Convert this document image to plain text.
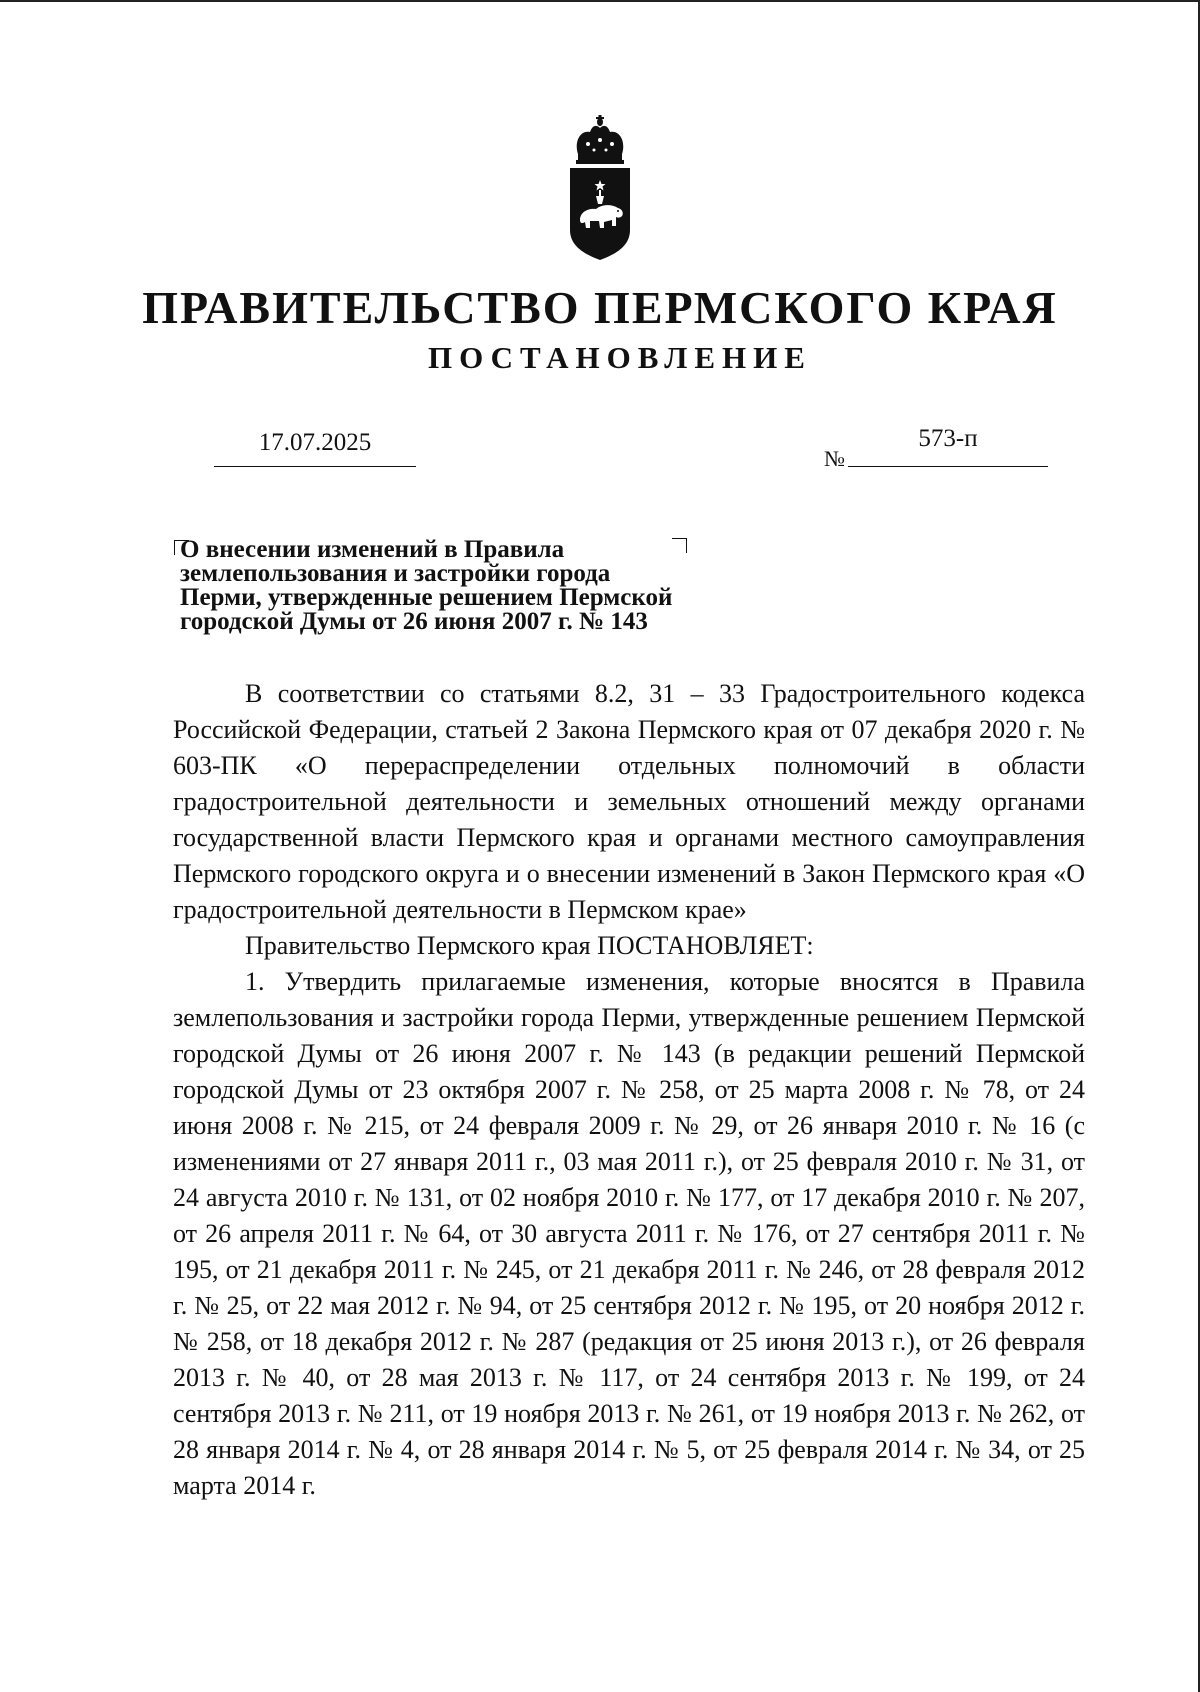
ПРАВИТЕЛЬСТВО ПЕРМСКОГО КРАЯ
ПОСТАНОВЛЕНИЕ
17.07.2025
№
573-п
О внесении изменений в Правила
землепользования и застройки города
Перми, утвержденные решением Пермской
городской Думы от 26 июня 2007 г. № 143

В соответствии со статьями 8.2, 31 – 33 Градостроительного кодекса Российской Федерации, статьей 2 Закона Пермского края от 07 декабря 2020 г. № 603-ПК «О перераспределении отдельных полномочий в области градостроительной деятельности и земельных отношений между органами государственной власти Пермского края и органами местного самоуправления Пермского городского округа и о внесении изменений в Закон Пермского края «О градостроительной деятельности в Пермском крае»

Правительство Пермского края ПОСТАНОВЛЯЕТ:

1. Утвердить прилагаемые изменения, которые вносятся в Правила землепользования и застройки города Перми, утвержденные решением Пермской городской Думы от 26 июня 2007 г. № 143 (в редакции решений Пермской городской Думы от 23 октября 2007 г. № 258, от 25 марта 2008 г. № 78, от 24 июня 2008 г. № 215, от 24 февраля 2009 г. № 29, от 26 января 2010 г. № 16 (с изменениями от 27 января 2011 г., 03 мая 2011 г.), от 25 февраля 2010 г. № 31, от 24 августа 2010 г. № 131, от 02 ноября 2010 г. № 177, от 17 декабря 2010 г. № 207, от 26 апреля 2011 г. № 64, от 30 августа 2011 г. № 176, от 27 сентября 2011 г. № 195, от 21 декабря 2011 г. № 245, от 21 декабря 2011 г. № 246, от 28 февраля 2012 г. № 25, от 22 мая 2012 г. № 94, от 25 сентября 2012 г. № 195, от 20 ноября 2012 г. № 258, от 18 декабря 2012 г. № 287 (редакция от 25 июня 2013 г.), от 26 февраля 2013 г. № 40, от 28 мая 2013 г. № 117, от 24 сентября 2013 г. № 199, от 24 сентября 2013 г. № 211, от 19 ноября 2013 г. № 261, от 19 ноября 2013 г. № 262, от 28 января 2014 г. № 4, от 28 января 2014 г. № 5, от 25 февраля 2014 г. № 34, от 25 марта 2014 г.
